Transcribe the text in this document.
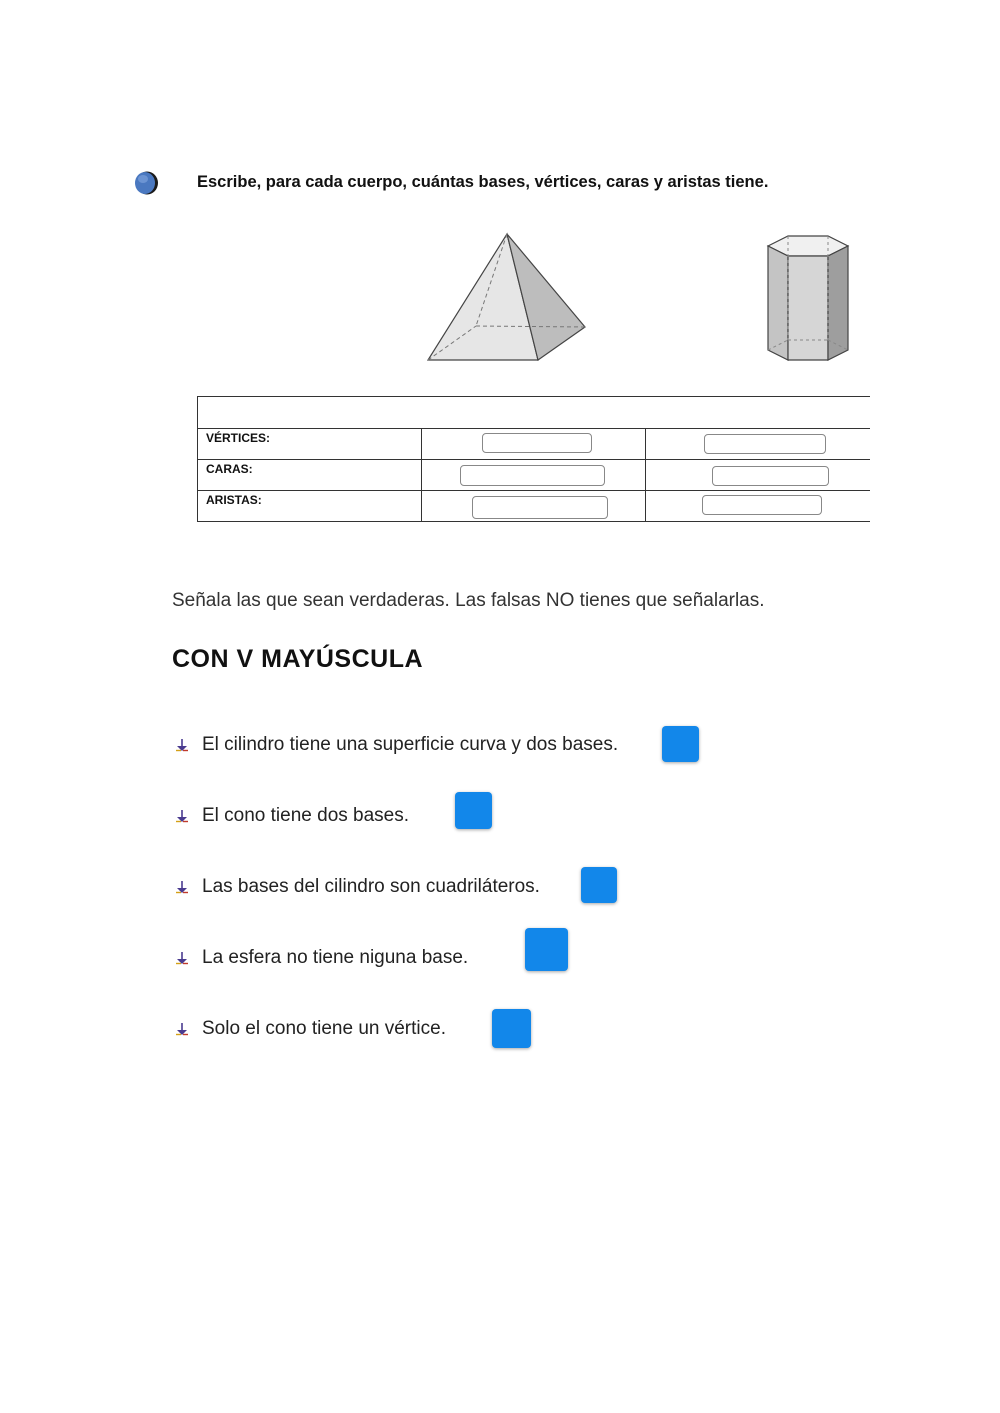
Escribe, para cada cuerpo, cuántas bases, vértices, caras y aristas tiene.

VÉRTICES:	

CARAS:	

ARISTAS:	

Señala las que sean verdaderas. Las falsas NO tienes que señalarlas.
CON V MAYÚSCULA
El cilindro tiene una superficie curva y dos bases.
El cono tiene dos bases.
Las bases del cilindro son cuadriláteros.
La esfera no tiene niguna base.
Solo el cono tiene un vértice.
